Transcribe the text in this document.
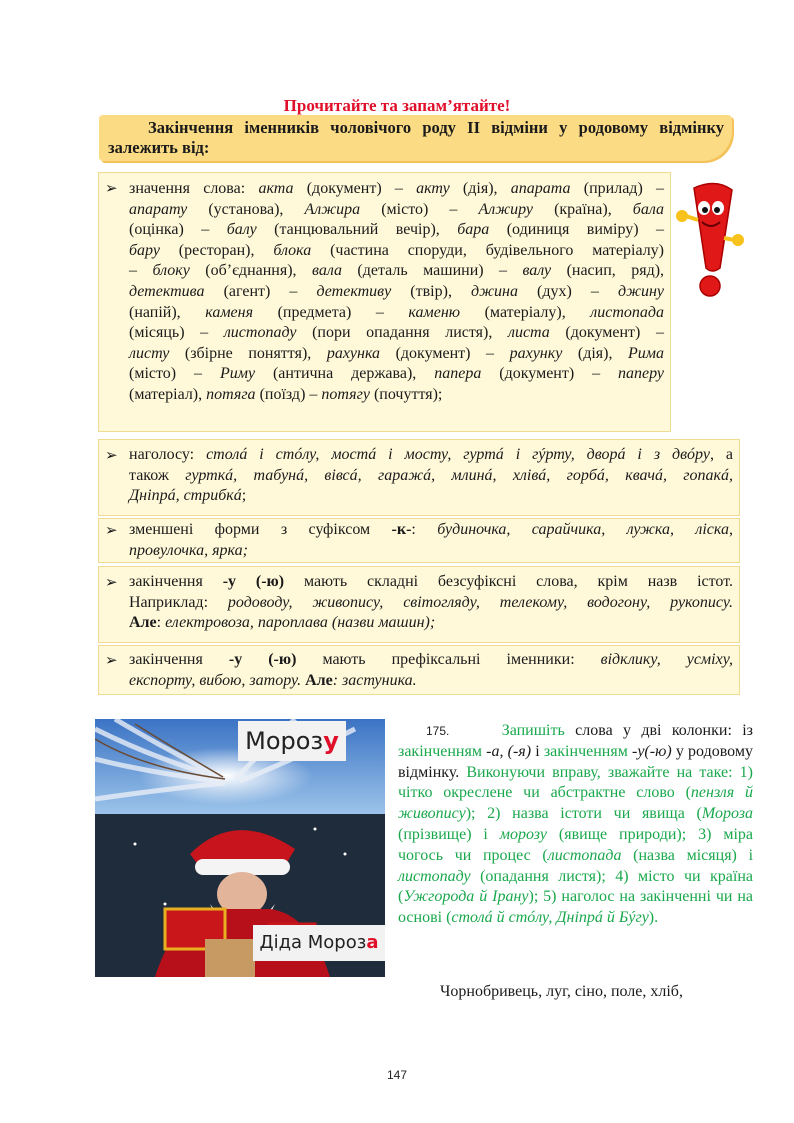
Прочитайте та запам’ятайте!
Закінчення іменників чоловічого роду ІІ відміни у родовому відмінку залежить від:
➢ значення слова: акта (документ) – акту (дія), апарата (прилад) –
апарату (установа), Алжира (місто) – Алжиру (країна), бала
(оцінка) – балу (танцювальний вечір), бара (одиниця виміру) –
бару (ресторан), блока (частина споруди, будівельного матеріалу)
– блоку (об’єднання), вала (деталь машини) – валу (насип, ряд),
детектива (агент) – детективу (твір), джина (дух) – джину
(напій), каменя (предмета) – каменю (матеріалу), листопада
(місяць) – листопаду (пори опадання листя), листа (документ) –
листу (збірне поняття), рахунка (документ) – рахунку (дія), Рима
(місто) – Риму (антична держава), папера (документ) – паперу
(матеріал), потяга (поїзд) – потягу (почуття);

➢ наголосу: столá і стóлу, мостá і мосту, гуртá і гýрту, дворá і з двóру, а
також гурткá, табунá, вівсá, гаражá, млинá, хлівá, горбá, квачá, гопакá,
Дніпрá, стрибкá;

➢ зменшені форми з суфіксом -к-: будиночка, сарайчика, лужка, ліска,
провулочка, ярка;

➢ закінчення -у (-ю) мають складні безсуфіксні слова, крім назв істот.
Наприклад: родоводу, живопису, світогляду, телекому, водогону, рукопису.
Але: електровоза, пароплава (назви машин);

➢ закінчення -у (-ю) мають префіксальні іменники: відклику, усміху,
експорту, вибою, затору. Але: застуника.

Морозу
Діда Мороза
175.	Запишіть слова у дві колонки: із закінченням -а, (-я) і закінченням -у(-ю) у родовому відмінку. Виконуючи вправу, зважайте на таке: 1) чітко окреслене чи абстрактне слово (пензля й живопису); 2) назва істоти чи явища (Мороза (прізвище) і морозу (явище природи); 3) міра чогось чи процес (листопада (назва місяця) і листопаду (опадання листя); 4) місто чи країна (Ужгорода й Ірану); 5) наголос на закінченні чи на основі (столá й стóлу, Дніпрá й Бýгу).
Чорнобривець, луг, сіно, поле, хліб,
147
